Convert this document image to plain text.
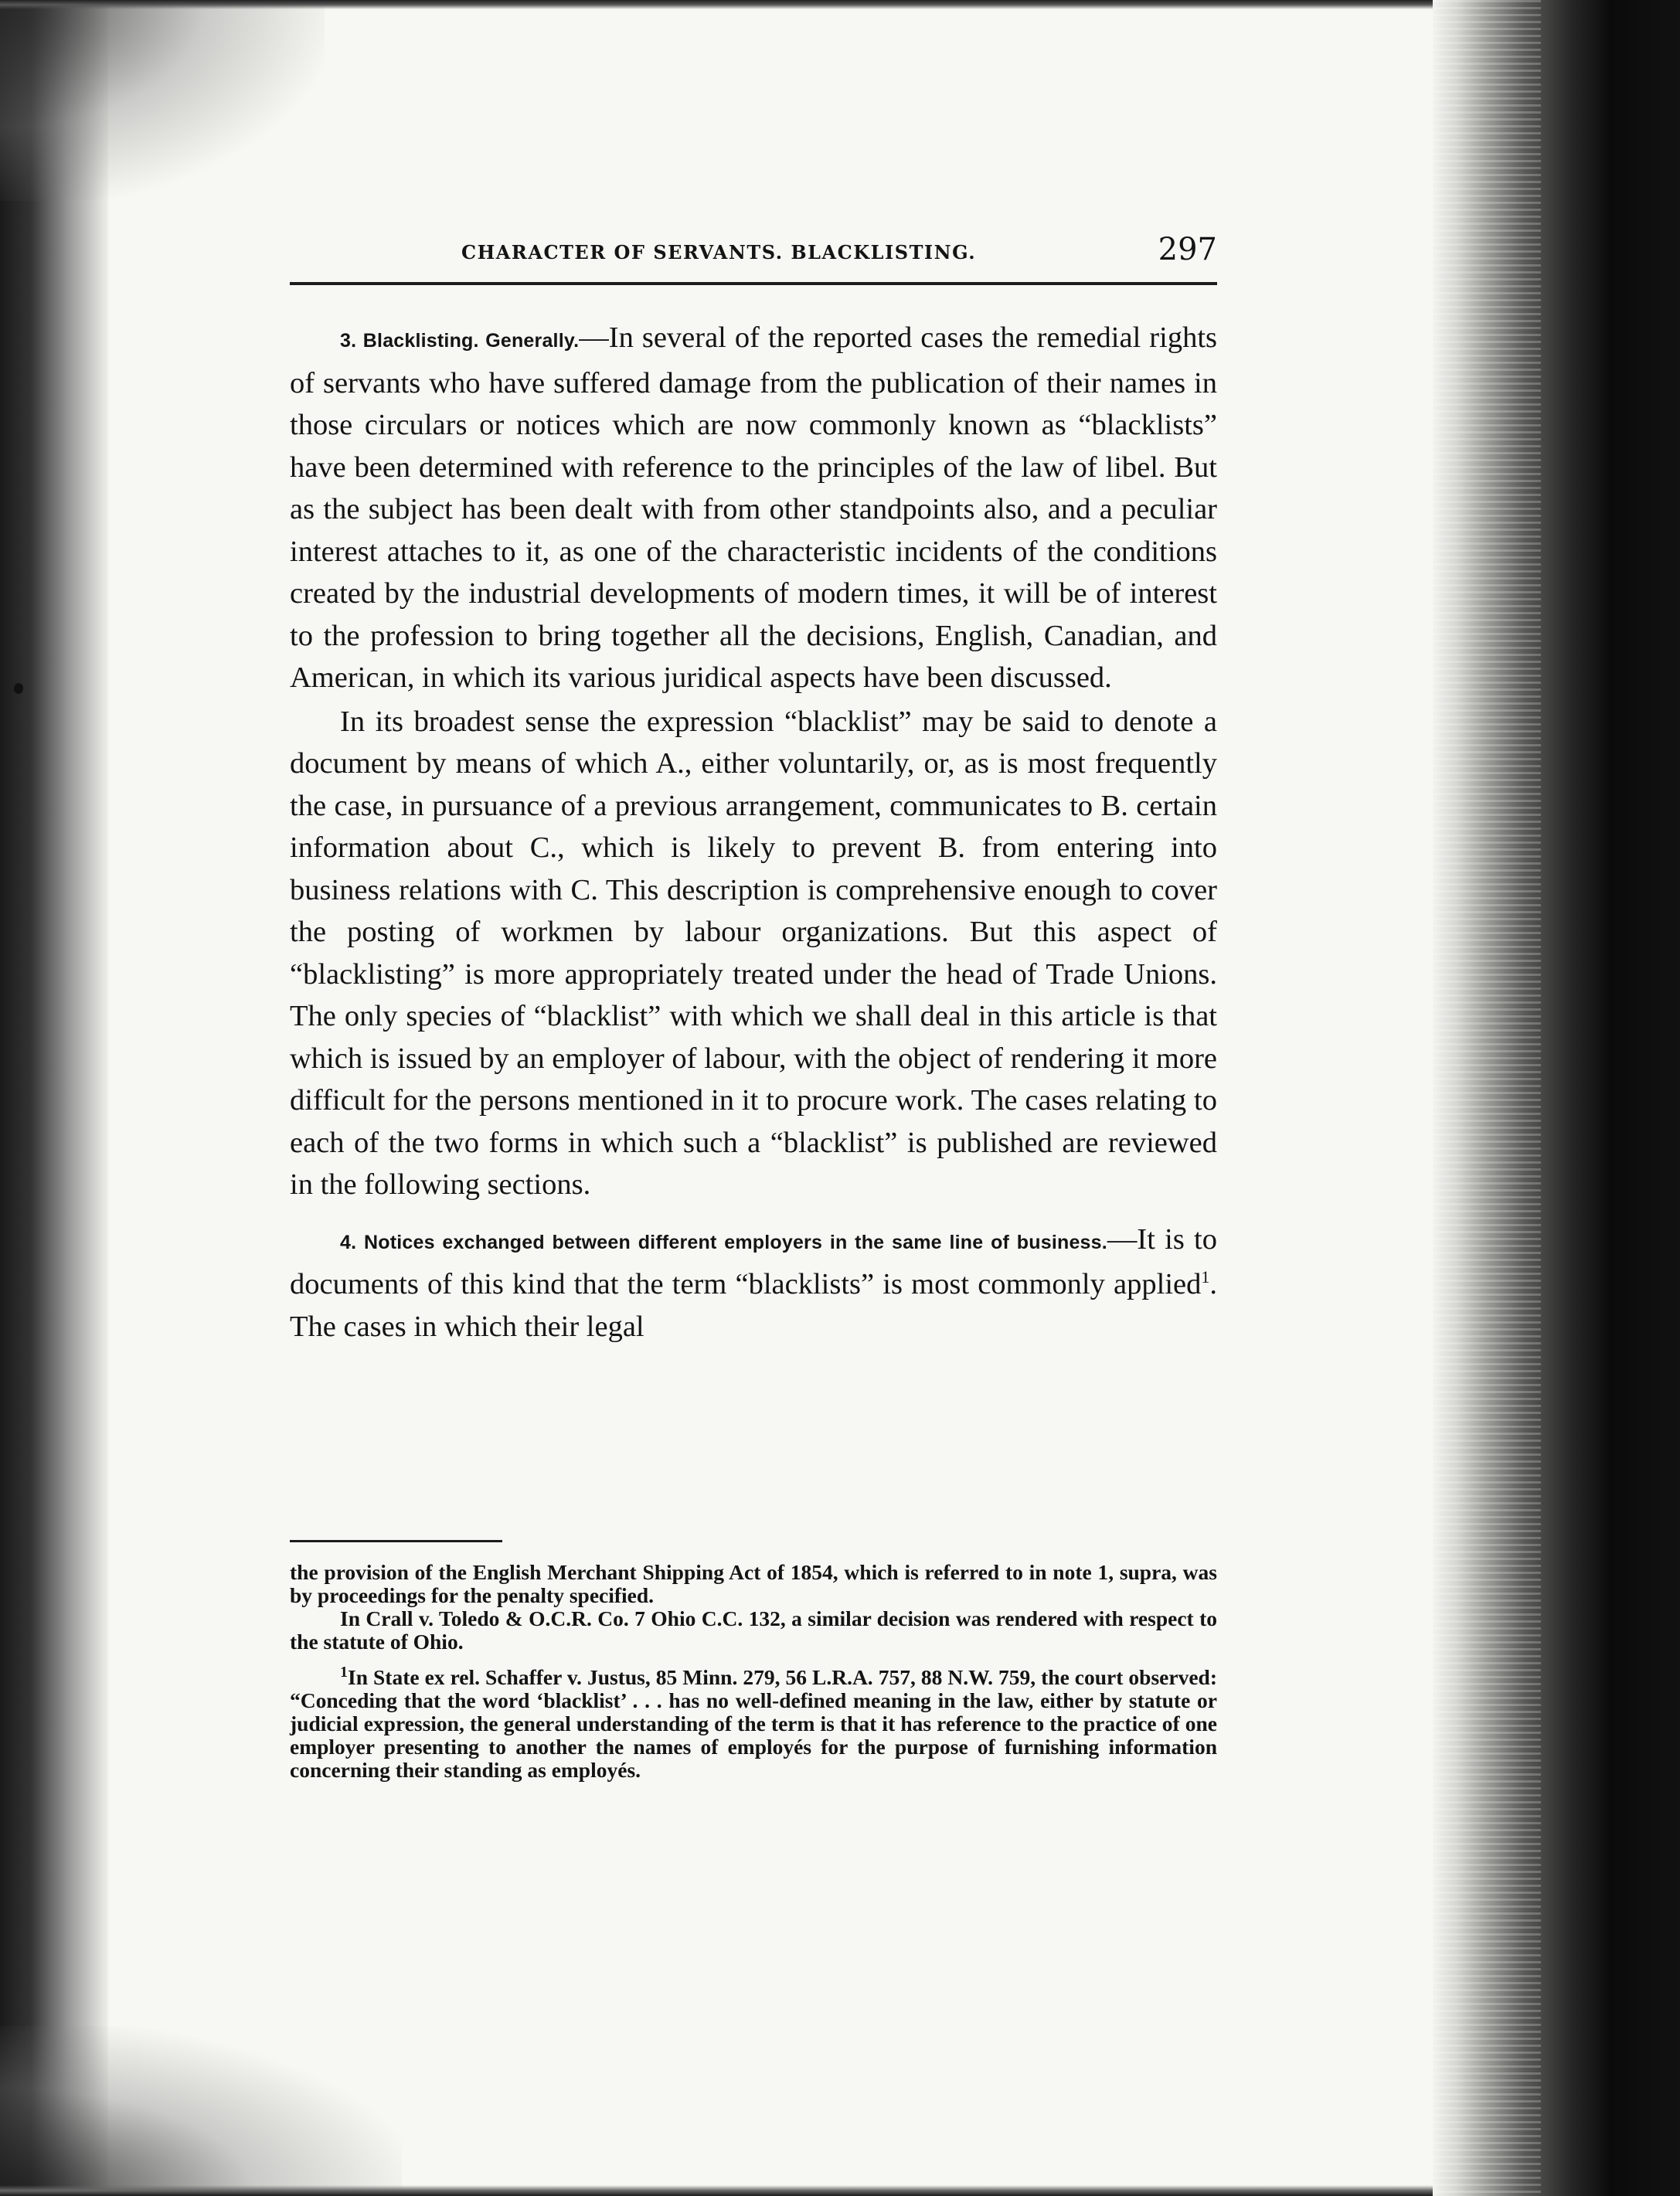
CHARACTER OF SERVANTS. BLACKLISTING.	297

3. Blacklisting. Generally.—In several of the reported cases the remedial rights of servants who have suffered damage from the publication of their names in those circulars or notices which are now commonly known as “blacklists” have been determined with reference to the principles of the law of libel. But as the subject has been dealt with from other standpoints also, and a peculiar interest attaches to it, as one of the characteristic incidents of the conditions created by the industrial developments of modern times, it will be of interest to the profession to bring together all the decisions, English, Canadian, and American, in which its various juridical aspects have been discussed.

In its broadest sense the expression “blacklist” may be said to denote a document by means of which A., either voluntarily, or, as is most frequently the case, in pursuance of a previous arrangement, communicates to B. certain information about C., which is likely to prevent B. from entering into business relations with C. This description is comprehensive enough to cover the posting of workmen by labour organizations. But this aspect of “blacklisting” is more appropriately treated under the head of Trade Unions. The only species of “blacklist” with which we shall deal in this article is that which is issued by an employer of labour, with the object of rendering it more difficult for the persons mentioned in it to procure work. The cases relating to each of the two forms in which such a “blacklist” is published are reviewed in the following sections.

4. Notices exchanged between different employers in the same line of business.—It is to documents of this kind that the term “blacklists” is most commonly applied$^1$. The cases in which their legal

the provision of the English Merchant Shipping Act of 1854, which is referred to in note 1, supra, was by proceedings for the penalty specified.

In Crall v. Toledo & O.C.R. Co. 7 Ohio C.C. 132, a similar decision was rendered with respect to the statute of Ohio.

$^1$In State ex rel. Schaffer v. Justus, 85 Minn. 279, 56 L.R.A. 757, 88 N.W. 759, the court observed: “Conceding that the word ‘blacklist’ . . . has no well-defined meaning in the law, either by statute or judicial expression, the general understanding of the term is that it has reference to the practice of one employer presenting to another the names of employés for the purpose of furnishing information concerning their standing as employés.
